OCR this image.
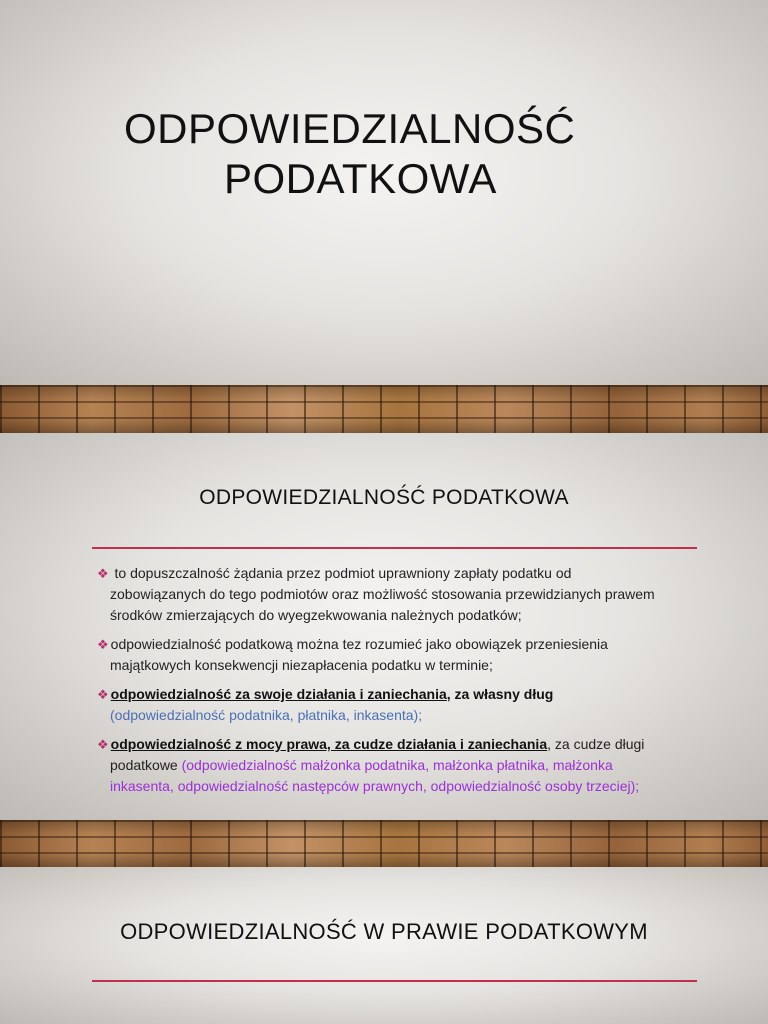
ODPOWIEDZIALNOŚĆ
PODATKOWA
ODPOWIEDZIALNOŚĆ PODATKOWA
❖ to dopuszczalność żądania przez podmiot uprawniony zapłaty podatku od
zobowiązanych do tego podmiotów oraz możliwość stosowania przewidzianych prawem
środków zmierzających do wyegzekwowania należnych podatków;
❖ odpowiedzialność podatkową można tez rozumieć jako obowiązek przeniesienia
majątkowych konsekwencji niezapłacenia podatku w terminie;
❖ odpowiedzialność za swoje działania i zaniechania, za własny dług
(odpowiedzialność podatnika, płatnika, inkasenta);
❖ odpowiedzialność z mocy prawa, za cudze działania i zaniechania, za cudze długi
podatkowe (odpowiedzialność małżonka podatnika, małżonka płatnika, małżonka
inkasenta, odpowiedzialność następców prawnych, odpowiedzialność osoby trzeciej);
ODPOWIEDZIALNOŚĆ W PRAWIE PODATKOWYM
